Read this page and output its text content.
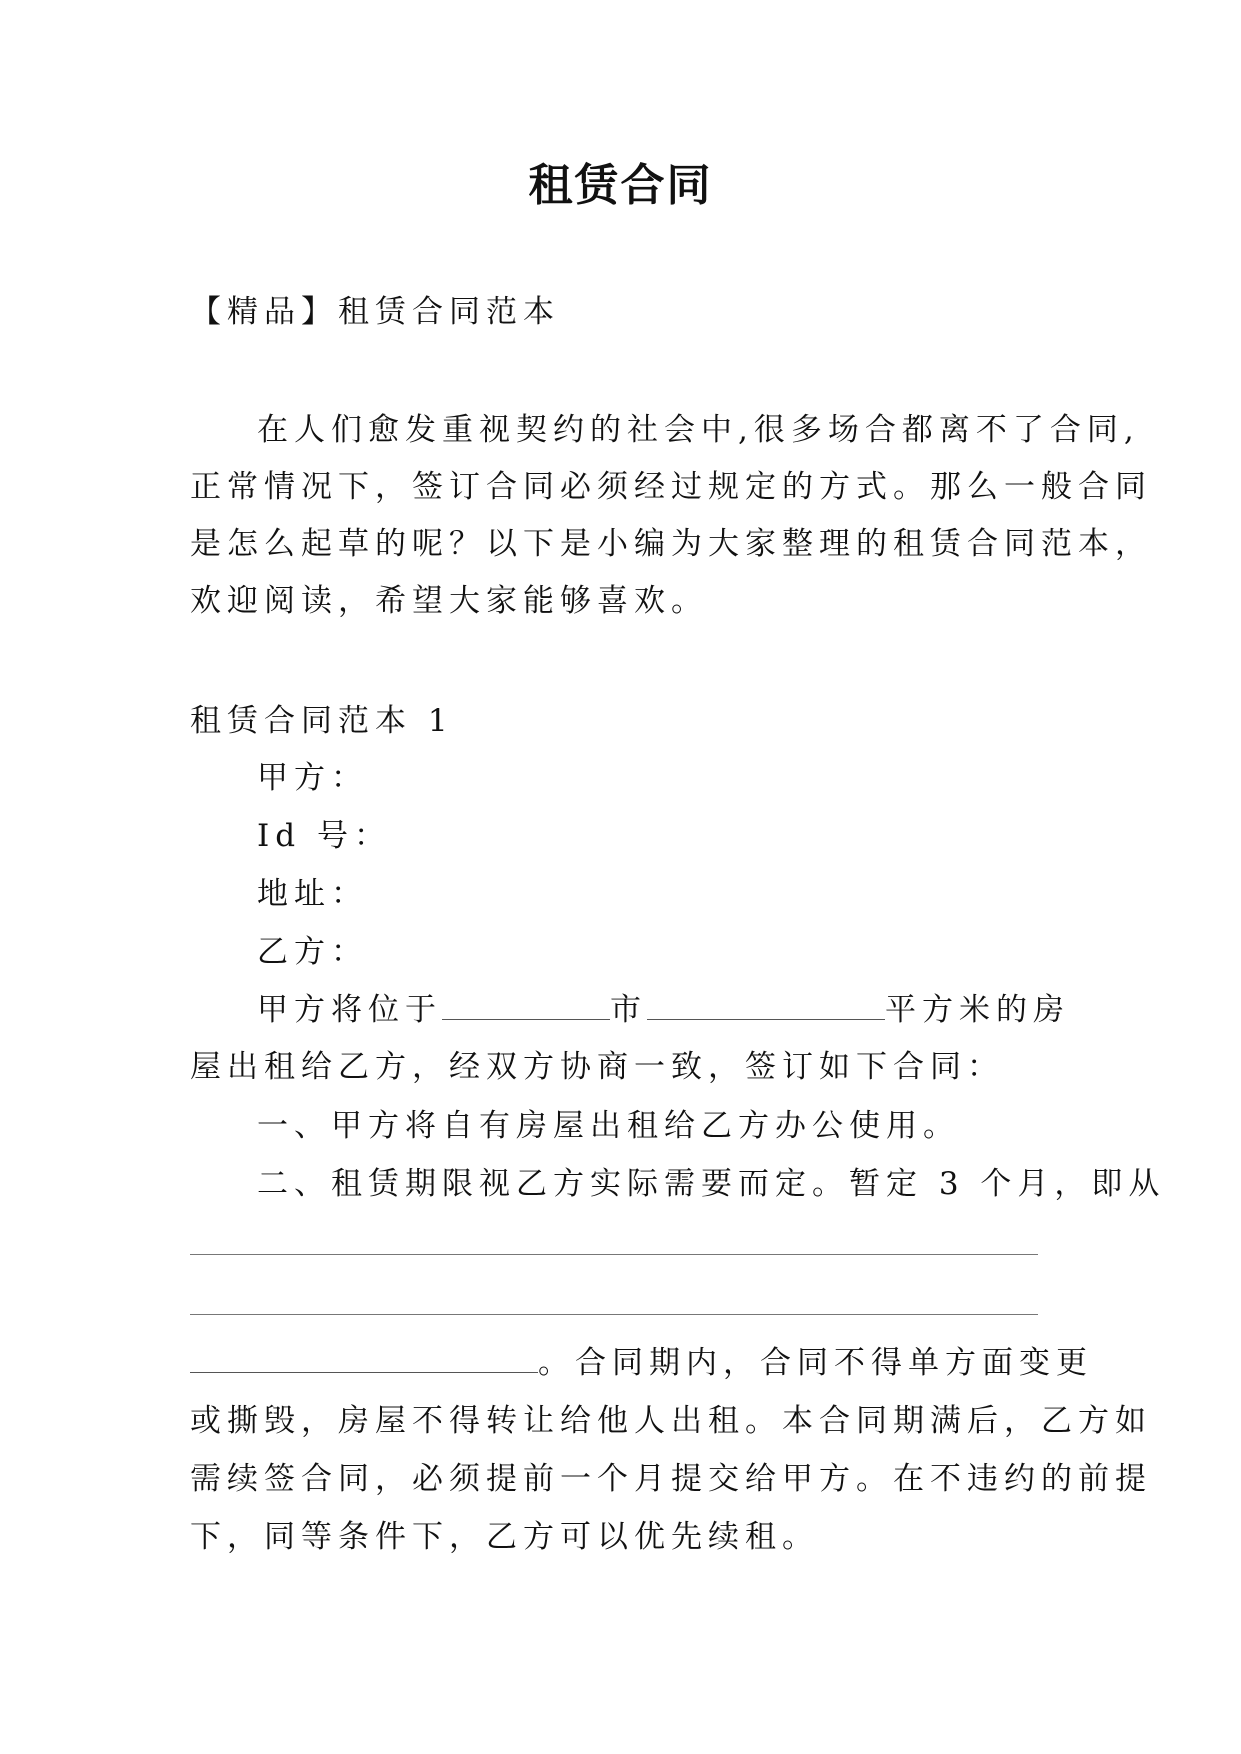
租赁合同
【精品】租赁合同范本
在人们愈发重视契约的社会中,很多场合都离不了合同,
正常情况下，签订合同必须经过规定的方式。那么一般合同
是怎么起草的呢？以下是小编为大家整理的租赁合同范本，
欢迎阅读，希望大家能够喜欢。
租赁合同范本 1
甲方：
Id 号：
地址：
乙方：
甲方将位于	市	平方米的房
屋出租给乙方，经双方协商一致，签订如下合同：
一、甲方将自有房屋出租给乙方办公使用。
二、租赁期限视乙方实际需要而定。暂定 3 个月，即从
。合同期内，合同不得单方面变更
或撕毁，房屋不得转让给他人出租。本合同期满后，乙方如
需续签合同，必须提前一个月提交给甲方。在不违约的前提
下，同等条件下，乙方可以优先续租。
